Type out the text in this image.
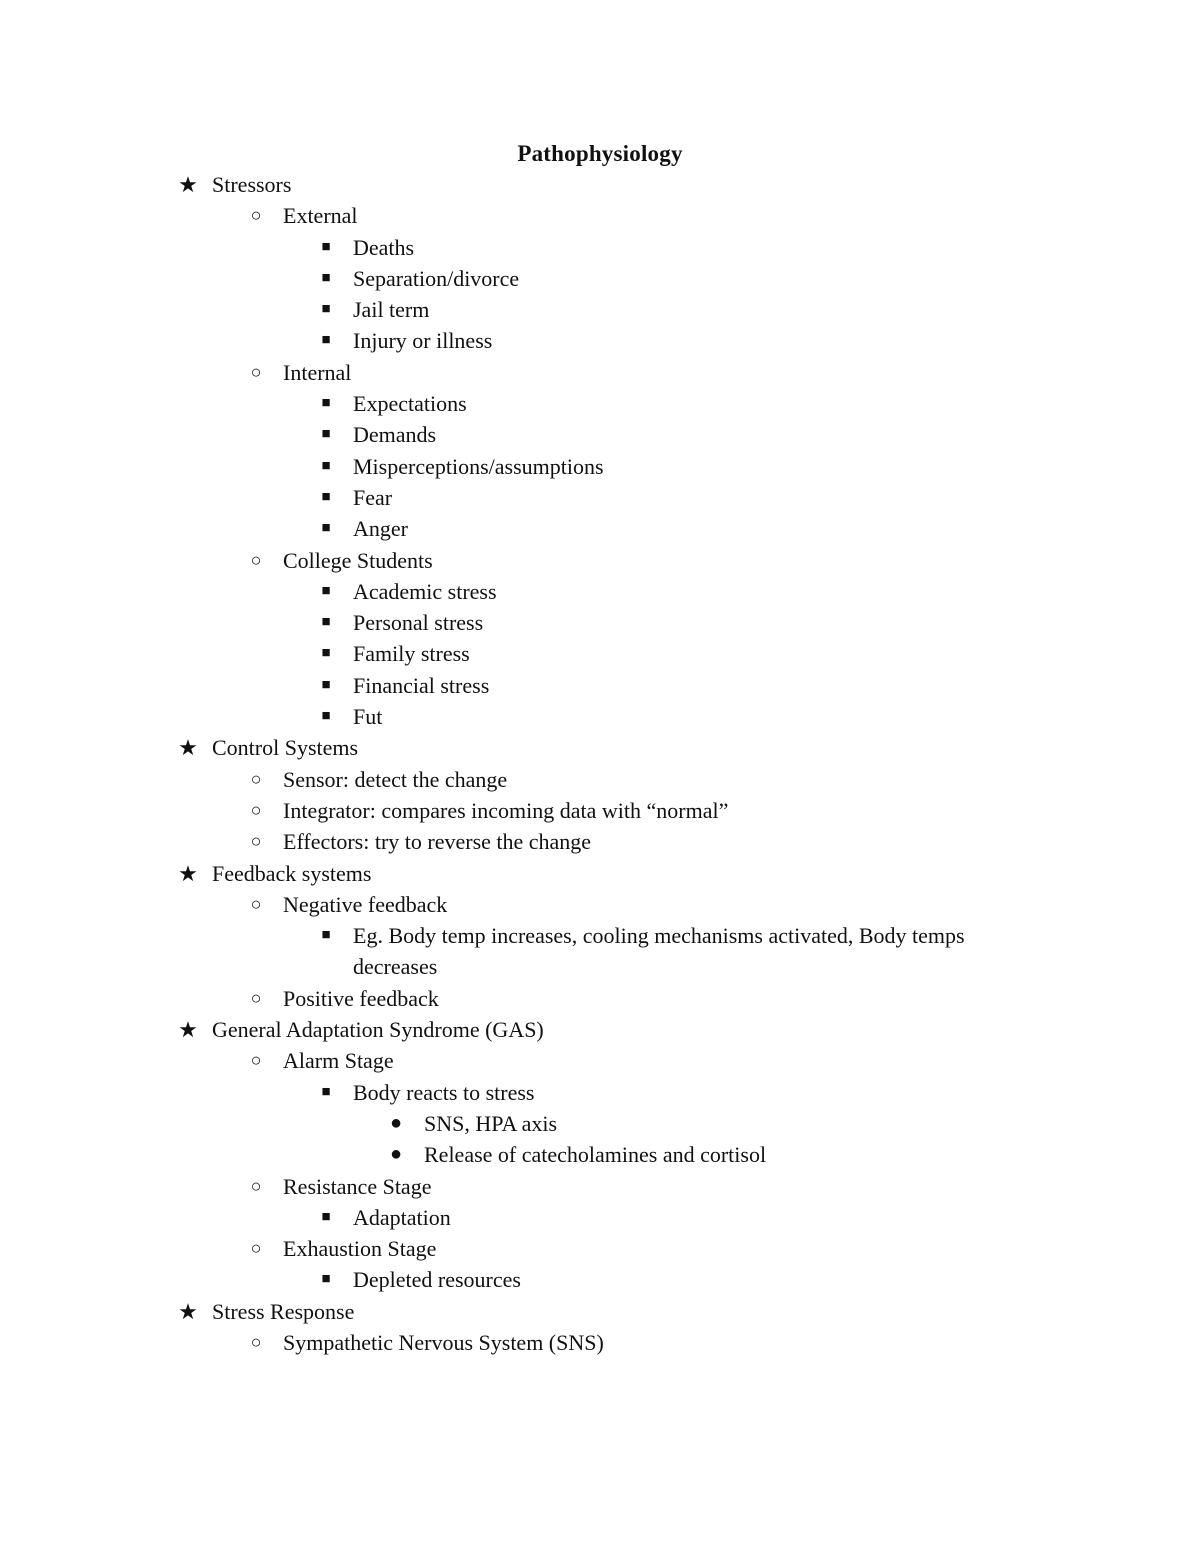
Pathophysiology
★ Stressors
○ External
■	Deaths
■	Separation/divorce
■	Jail term
■	Injury or illness
○ Internal
■	Expectations
■	Demands
■	Misperceptions/assumptions
■	Fear
■	Anger
○ College Students
■	Academic stress
■	Personal stress
■	Family stress
■	Financial stress
■	Fut
★ Control Systems
○ Sensor: detect the change
○ Integrator: compares incoming data with “normal”
○ Effectors: try to reverse the change
★ Feedback systems
○ Negative feedback
■	Eg. Body temp increases, cooling mechanisms activated, Body temps decreases
○ Positive feedback
★ General Adaptation Syndrome (GAS)
○ Alarm Stage
■	Body reacts to stress
● SNS, HPA axis
● Release of catecholamines and cortisol
○ Resistance Stage
■	Adaptation
○ Exhaustion Stage
■	Depleted resources
★ Stress Response
○ Sympathetic Nervous System (SNS)
